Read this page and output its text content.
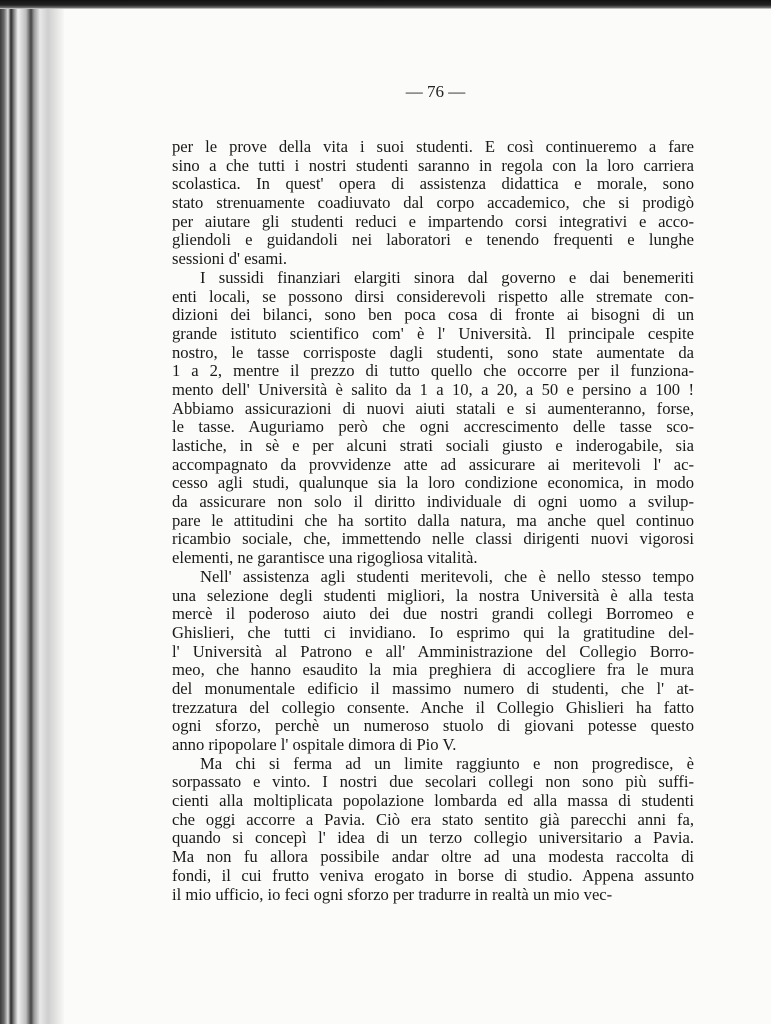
— 76 —
per le prove della vita i suoi studenti. E così continueremo a fare
sino a che tutti i nostri studenti saranno in regola con la loro carriera
scolastica. In quest' opera di assistenza didattica e morale, sono
stato strenuamente coadiuvato dal corpo accademico, che si prodigò
per aiutare gli studenti reduci e impartendo corsi integrativi e acco-
gliendoli e guidandoli nei laboratori e tenendo frequenti e lunghe
sessioni d' esami.
I sussidi finanziari elargiti sinora dal governo e dai benemeriti
enti locali, se possono dirsi considerevoli rispetto alle stremate con-
dizioni dei bilanci, sono ben poca cosa di fronte ai bisogni di un
grande istituto scientifico com' è l' Università. Il principale cespite
nostro, le tasse corrisposte dagli studenti, sono state aumentate da
1 a 2, mentre il prezzo di tutto quello che occorre per il funziona-
mento dell' Università è salito da 1 a 10, a 20, a 50 e persino a 100 !
Abbiamo assicurazioni di nuovi aiuti statali e si aumenteranno, forse,
le tasse. Auguriamo però che ogni accrescimento delle tasse sco-
lastiche, in sè e per alcuni strati sociali giusto e inderogabile, sia
accompagnato da provvidenze atte ad assicurare ai meritevoli l' ac-
cesso agli studi, qualunque sia la loro condizione economica, in modo
da assicurare non solo il diritto individuale di ogni uomo a svilup-
pare le attitudini che ha sortito dalla natura, ma anche quel continuo
ricambio sociale, che, immettendo nelle classi dirigenti nuovi vigorosi
elementi, ne garantisce una rigogliosa vitalità.
Nell' assistenza agli studenti meritevoli, che è nello stesso tempo
una selezione degli studenti migliori, la nostra Università è alla testa
mercè il poderoso aiuto dei due nostri grandi collegi Borromeo e
Ghislieri, che tutti ci invidiano. Io esprimo qui la gratitudine del-
l' Università al Patrono e all' Amministrazione del Collegio Borro-
meo, che hanno esaudito la mia preghiera di accogliere fra le mura
del monumentale edificio il massimo numero di studenti, che l' at-
trezzatura del collegio consente. Anche il Collegio Ghislieri ha fatto
ogni sforzo, perchè un numeroso stuolo di giovani potesse questo
anno ripopolare l' ospitale dimora di Pio V.
Ma chi si ferma ad un limite raggiunto e non progredisce, è
sorpassato e vinto. I nostri due secolari collegi non sono più suffi-
cienti alla moltiplicata popolazione lombarda ed alla massa di studenti
che oggi accorre a Pavia. Ciò era stato sentito già parecchi anni fa,
quando si concepì l' idea di un terzo collegio universitario a Pavia.
Ma non fu allora possibile andar oltre ad una modesta raccolta di
fondi, il cui frutto veniva erogato in borse di studio. Appena assunto
il mio ufficio, io feci ogni sforzo per tradurre in realtà un mio vec-
